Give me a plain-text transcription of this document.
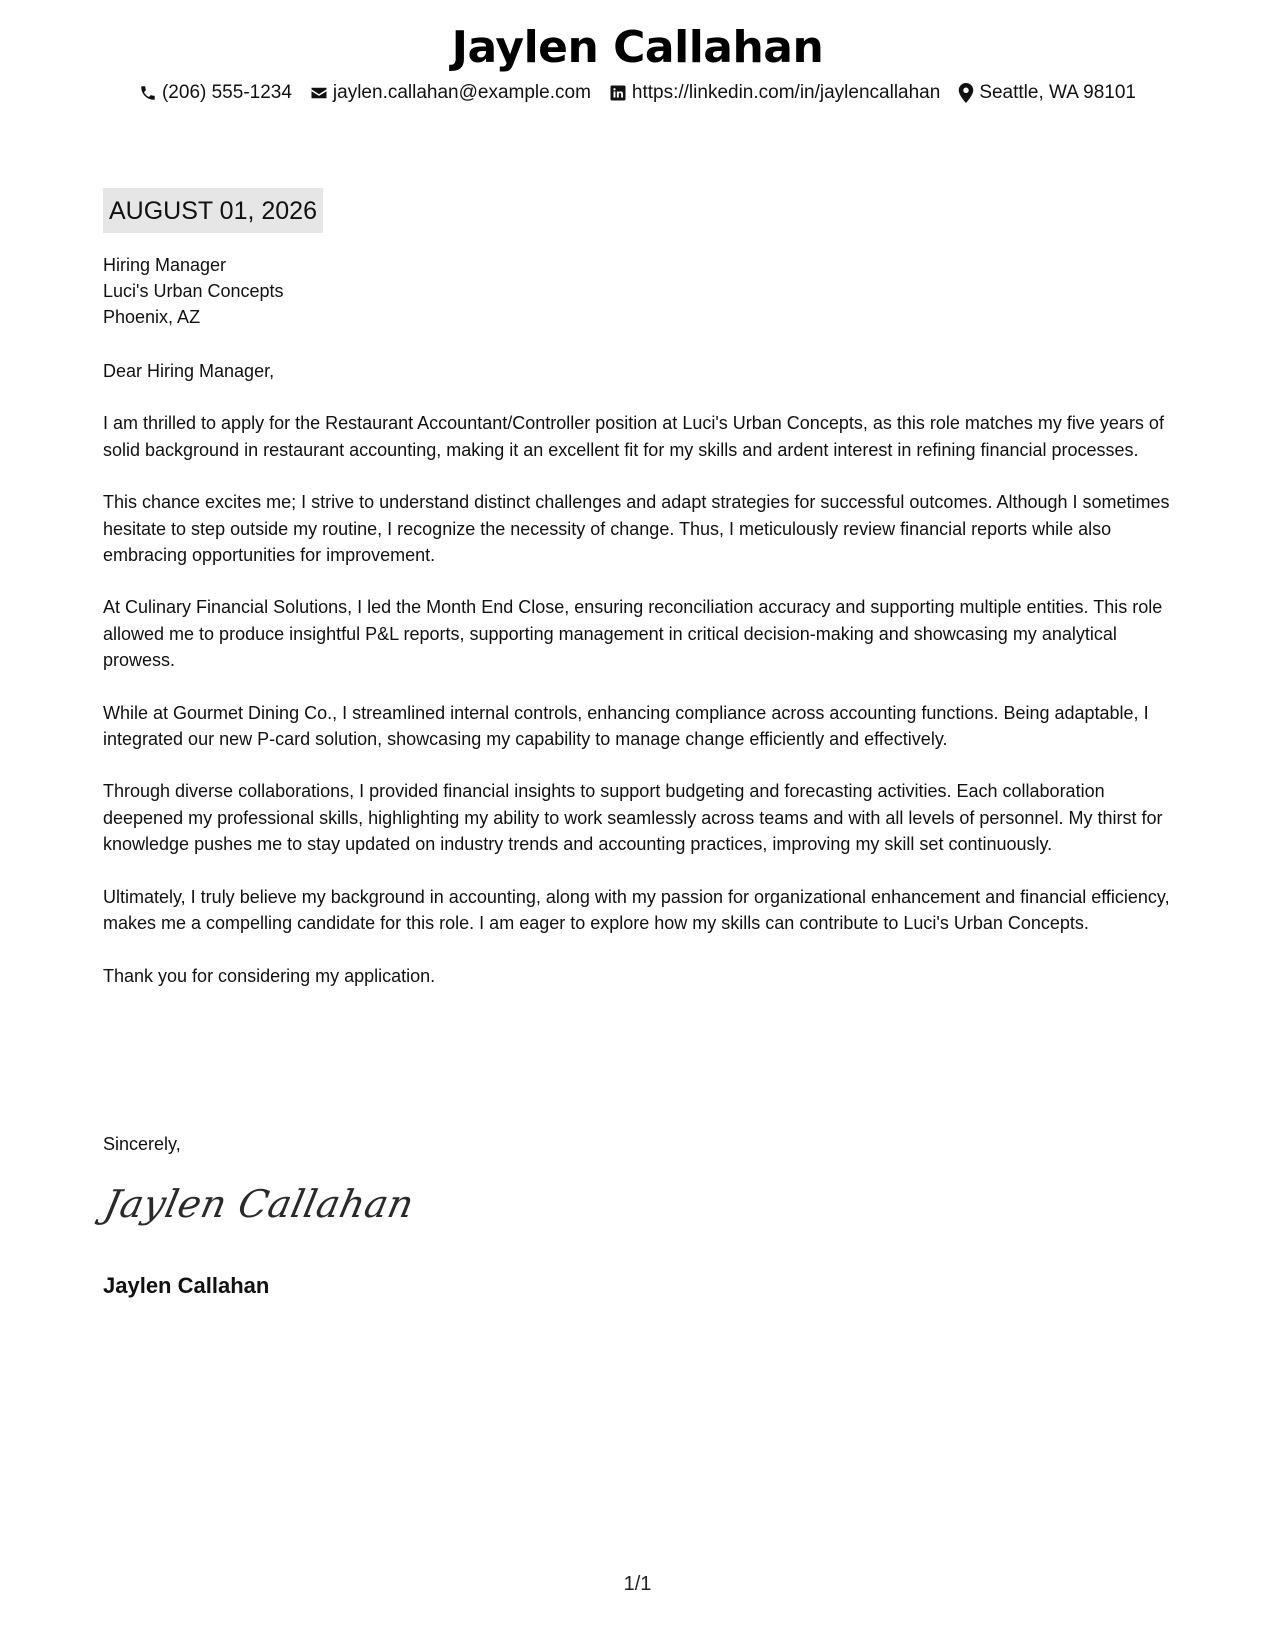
Jaylen Callahan
(206) 555-1234 jaylen.callahan@example.com https://linkedin.com/in/jaylencallahan Seattle, WA 98101
AUGUST 01, 2026
Hiring Manager
Luci's Urban Concepts
Phoenix, AZ

Dear Hiring Manager,

I am thrilled to apply for the Restaurant Accountant/Controller position at Luci's Urban Concepts, as this role matches my five years of solid background in restaurant accounting, making it an excellent fit for my skills and ardent interest in refining financial processes.

This chance excites me; I strive to understand distinct challenges and adapt strategies for successful outcomes. Although I sometimes hesitate to step outside my routine, I recognize the necessity of change. Thus, I meticulously review financial reports while also embracing opportunities for improvement.

At Culinary Financial Solutions, I led the Month End Close, ensuring reconciliation accuracy and supporting multiple entities. This role allowed me to produce insightful P&L reports, supporting management in critical decision-making and showcasing my analytical prowess.

While at Gourmet Dining Co., I streamlined internal controls, enhancing compliance across accounting functions. Being adaptable, I integrated our new P-card solution, showcasing my capability to manage change efficiently and effectively.

Through diverse collaborations, I provided financial insights to support budgeting and forecasting activities. Each collaboration deepened my professional skills, highlighting my ability to work seamlessly across teams and with all levels of personnel. My thirst for knowledge pushes me to stay updated on industry trends and accounting practices, improving my skill set continuously.

Ultimately, I truly believe my background in accounting, along with my passion for organizational enhancement and financial efficiency, makes me a compelling candidate for this role. I am eager to explore how my skills can contribute to Luci's Urban Concepts.

Thank you for considering my application.

Sincerely,
Jaylen Callahan
Jaylen Callahan
1/1
